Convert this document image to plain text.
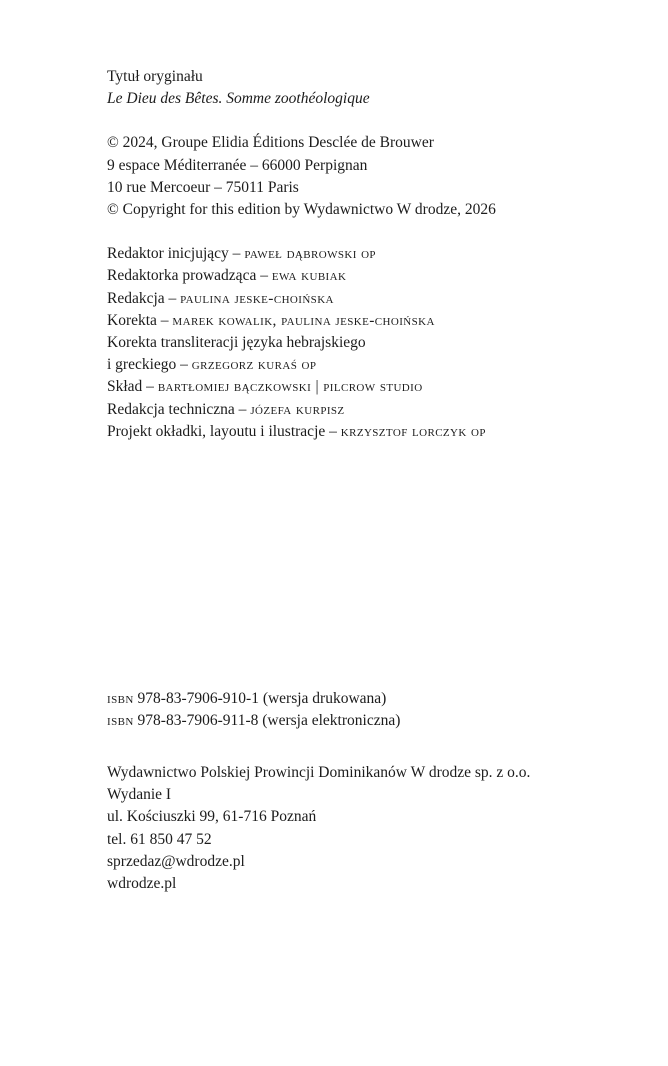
Tytuł oryginału
Le Dieu des Bêtes. Somme zoothéologique
© 2024, Groupe Elidia Éditions Desclée de Brouwer
9 espace Méditerranée – 66000 Perpignan
10 rue Mercoeur – 75011 Paris
© Copyright for this edition by Wydawnictwo W drodze, 2026
Redaktor inicjujący – paweł dąbrowski op
Redaktorka prowadząca – ewa kubiak
Redakcja – paulina jeske-choińska
Korekta – marek kowalik, paulina jeske-choińska
Korekta transliteracji języka hebrajskiego
i greckiego – grzegorz kuraś op
Skład – bartłomiej bączkowski | pilcrow studio
Redakcja techniczna – józefa kurpisz
Projekt okładki, layoutu i ilustracje – krzysztof lorczyk op
isbn 978-83-7906-910-1 (wersja drukowana)
isbn 978-83-7906-911-8 (wersja elektroniczna)
Wydawnictwo Polskiej Prowincji Dominikanów W drodze sp. z o.o.
Wydanie I
ul. Kościuszki 99, 61-716 Poznań
tel. 61 850 47 52
sprzedaz@wdrodze.pl
wdrodze.pl
